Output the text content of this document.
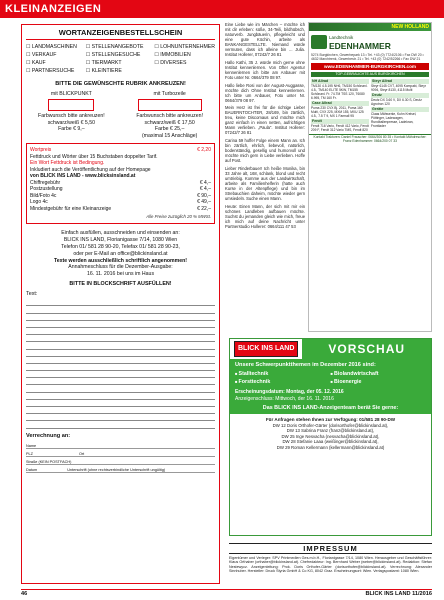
KLEINANZEIGEN
WORTANZEIGENBESTELLSCHEIN
☐ LANDMASCHINEN	☐ STELLENANGEBOTE	☐ LOHNUNTERNEHMER
☐ VERKAUF	☐ STELLENGESUCHE	☐ IMMOBILIEN
☐ KAUF	☐ TIERMARKT	☐ DIVERSES
☐ PARTNERSUCHE	☐ KLEINTIERE
BITTE DIE GEWÜNSCHTE RUBRIK ANKREUZEN!
mit BLICKPUNKT
Farbwunsch bitte ankreuzen!
schwarz/weiß € 5,50
Farbe € 9,–
mit Turbozeile
Farbwunsch bitte ankreuzen!
schwarz/weiß € 17,50
Farbe € 25,–
(maximal 15 Anschläge)
Wortpreis	€ 2,20
Fettdruck und Wörter über 15 Buchstaben doppelter Tarif.
Ein Wort Fettdruck ist Bedingung.
Inkludiert auch die Veröffentlichung auf der Homepage
von BLICK INS LAND - www.blicksinsland.at
Chiffregebühr	€ 4,–
Postzustellung	€ 4,–
Bild/Foto 4c	€ 90,–
Logo 4c	€ 49,–
Mindestgebühr für eine Kleinanzeige	€ 22,–
Alle Preise zuzüglich 20 % MWSt.
Einfach ausfüllen, ausschneiden und einsenden an:
BLICK INS LAND, Florianigasse 7/14, 1080 Wien
Telefon 01/ 581 28 90-20, Telefax 01/ 581 28 90-23,
oder per E-Mail an office@blickinsland.at
Texte werden ausschließlich schriftlich angenommen!
Annahmeschluss für die Dezember-Ausgabe:
16. 11. 2016 bei uns im Haus
BITTE IN BLOCKSCHRIFT AUSFÜLLEN!
Text:
Verrechnung an:
Name
PLZ	Ort
Straße (KEIN POSTFACH)
Datum	Unterschrift (ohne rechtsverbindliche Unterschrift ungültig)

Eine Liebe wie im Märchen – möchte ich mit dir erleben: süße, 34-Teili, bildhübsch, naturverb. Jungbäuerin, pflegeleicht und eine gute Köchin, arbeite als BANKANGESTELLTE. Niemand würde vermuten, dass ich alleine bin ... Julia. Institut Hollerer, 07242/7 26 81

Hallo Kathi, 35 J. würde mich gerne ohne Institut kennenlernen. Von Ofter Agentur kennenlernen ich bitte am Anbauer mit Foto unter Nr. 0664/379 08 97.

Hallo liebe Rosi von der August-Auggasse, möchte dich Ohne Institut kennenlernen. Ich bitte um Anbauer, Foto unter Nr. 0664/379 08 97.

Mein Herz ist frei für die richtige Liebe! BAUERNTOCHTER, 28/169, bin zärtlich, treu, keine Discomaus und möchte mich ganz einfach in einen netten, aufrichtigen Mann verlieben. „Paula“. Institut Hollerer: 07242/7 26 81

Carina 59 hoffe! Folge einem Mann an. Ich bin zärtlich, ehrlich, liebevoll, natürlich, bodenständig, gesellig und humorvoll und möchte mich gern in Liebe verlieben. Hoffe auf Post.

Lieber Rinderbauer! Ich heiße Monika, bin 33 Jahre alt, 168, schlank, blond und recht umtriebig. Komme aus der Landwirtschaft, arbeite als Familienhelferin (hatte auch Kurse in der Altenpflege) und bin im Strebauchien daheim, möchte wieder gern umsiedeln. Suche einen Mann.

Heute: Einen Mann, der sich mit mir ein schönes Landleben aufbauen möchte. Suchst du jemanden gleich wie mich, freue ich mich auf deine Nachricht unter Partnerstudio Hollerer: 0664/111 47 53

NEW HOLLAND
Landtechnik
EDENHAMMER
5274 Burgkirchen, Gewerbepark 13 • Tel. +43 (0) 7724/2106 • Fax DW 20 • 4632 Marchtrenk, Gewerbestr. 21 • Tel. +43 (0) 7242/52266 • Fax DW 21
www.EDENHAMMER-BURGKIRCHEN.com
TOP-GEBRAUCHTE AUS BURGKIRCHEN
NH Allrad
TM130 4.5.195 NH6, TM150 Schönanl. 4.5., TM140 ELITE 5KW, TM155 Schönanl. Fr. 74.TM TSS 120, T6080 6.995, TM 160 Fr.
Case Allrad
Puma 230 CVX Bj. 2011, Puma 160 Multi, CVX 225, MXM 155, MXU 125 4.5., 7.5 T 9, MX 1 Farmall 95
Fendt
Fendt 716 Vario, Fendt 412 Vario, Fendt 209 F, Fendt 312 Vario TMS, Fendt 820
Steyr Allrad
Steyr 6145 CVT, 4095 Kompakt, Steyr 9094, Steyr 8130, 4115 Multi
Deutz
Deutz DX 3.60 V, DX 6.30 S, Deutz Agrotron 120
Geräte
Claas Mähwerke, Kuhn Kreisel, Pöttinger, Ladewagen, Rundballenpresse, Ladekran, Frontlader
Kontakt Traktoren: Daniel Frauscher: 0664/306 80 35 • Kontakt Mähdrescher: Franz Edenhammer: 0664/200 07 33
BLICK INS LAND	VORSCHAU
Unsere Schwerpunktthemen im Dezember 2016 sind:
■ Stalltechnik	■ Biolandwirtschaft
■ Forsttechnik	■ Bioenergie
Erscheinungsdatum: Montag, der 05. 12. 2016
Anzeigenschluss: Mittwoch, der 16. 11. 2016
Das BLICK INS LAND-Anzeigenteam berät Sie gerne:
Für Anfragen stehen Ihnen zur Verfügung: 01/581 28 90-DW
DW 12 Doris Orthofer-Gärter (dorisorthofer@blickinsland.at),
DW 13 Sabrina Franz (franz@blickinsland.at),
DW 25 Inge Nesvacha (nesvacha@blickinsland.at),
DW 28 Stefanie Laaa (weißinger@blickinsland.at),
DW 29 Roman Kellermann (kellermann@blickinsland.at)
IMPRESSUM
Eigentümer und Verleger: SPV Printmedien Ges.m.b.H., Florianigasse 7/14, 1080 Wien. Herausgeber und Geschäftsführer: Klaus Orthaber (orthaber@blickinsland.at). Chefredakteur: Ing. Bernhard Weber (weber@blickinsland.at). Redaktion: Stefan Nestewycz. Anzeigenleitung: Prok. Doris Orthofer-Gärter (dorisorthofer@blickinsland.at). Verrechnung: Alexander Sinnhuber. Hersteller: Druck Styria GmbH & Co KG, 8042 Graz. Erscheinungsort: Wien. Verlagspostamt: 1080 Wien.
46	BLICK INS LAND 11/2016
